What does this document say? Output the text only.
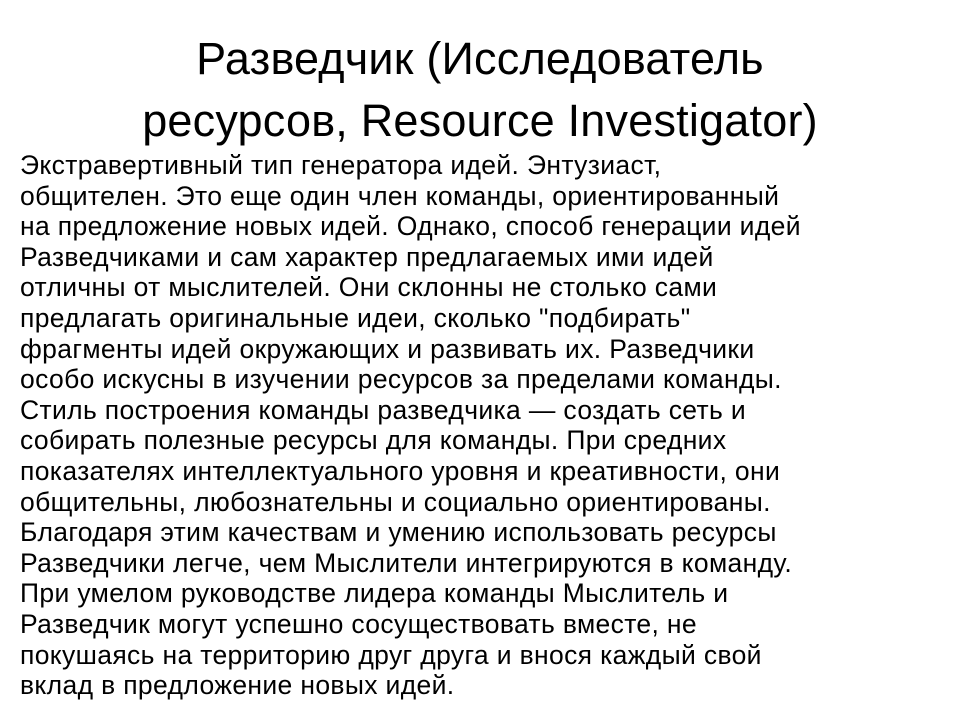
Разведчик (Исследователь
ресурсов, Resource Investigator)
Экстравертивный тип генератора идей. Энтузиаст,
общителен. Это еще один член команды, ориентированный
на предложение новых идей. Однако, способ генерации идей
Разведчиками и сам характер предлагаемых ими идей
отличны от мыслителей. Они склонны не столько сами
предлагать оригинальные идеи, сколько "подбирать"
фрагменты идей окружающих и развивать их. Разведчики
особо искусны в изучении ресурсов за пределами команды.
Стиль построения команды разведчика — создать сеть и
собирать полезные ресурсы для команды. При средних
показателях интеллектуального уровня и креативности, они
общительны, любознательны и социально ориентированы.
Благодаря этим качествам и умению использовать ресурсы
Разведчики легче, чем Мыслители интегрируются в команду.
При умелом руководстве лидера команды Мыслитель и
Разведчик могут успешно сосуществовать вместе, не
покушаясь на территорию друг друга и внося каждый свой
вклад в предложение новых идей.
